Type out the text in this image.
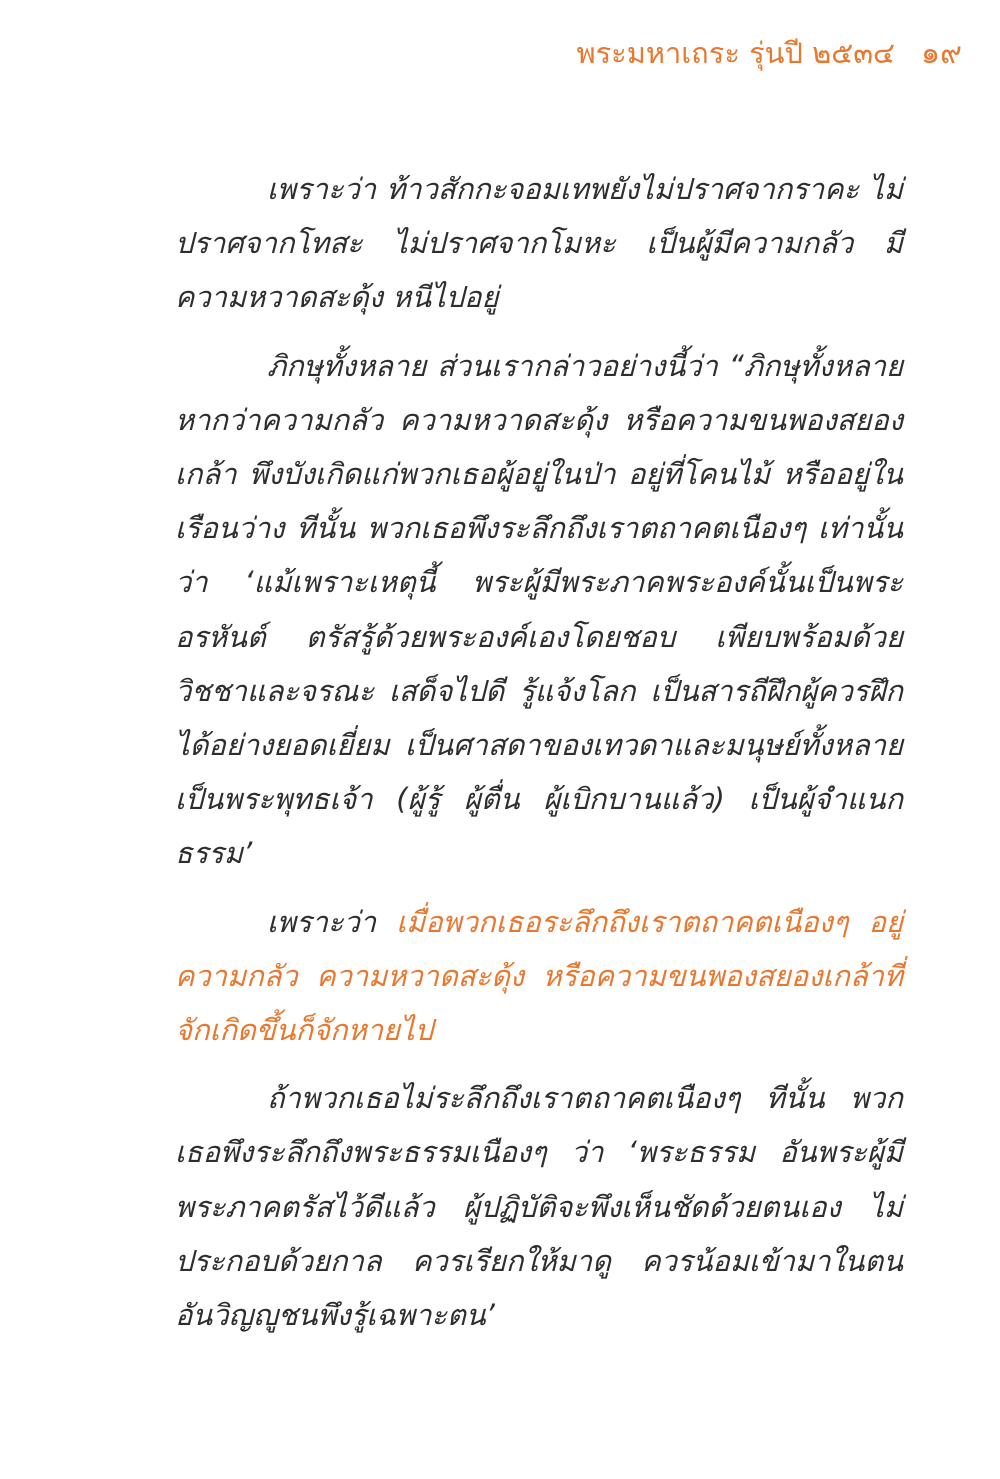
พระมหาเถระ รุ่นปี ๒๕๓๔ ๑๙

เพราะว่า ท้าวสักกะจอมเทพยังไม่ปราศจากราคะ ไม่ปราศจากโทสะ ไม่ปราศจากโมหะ เป็นผู้มีความกลัว มีความหวาดสะดุ้ง หนีไปอยู่

ภิกษุทั้งหลาย ส่วนเรากล่าวอย่างนี้ว่า “ภิกษุทั้งหลาย หากว่าความกลัว ความหวาดสะดุ้ง หรือความขนพองสยองเกล้า พึงบังเกิดแก่พวกเธอผู้อยู่ในป่า อยู่ที่โคนไม้ หรืออยู่ในเรือนว่าง ทีนั้น พวกเธอพึงระลึกถึงเราตถาคตเนืองๆ เท่านั้นว่า ‘แม้เพราะเหตุนี้ พระผู้มีพระภาคพระองค์นั้นเป็นพระอรหันต์ ตรัสรู้ด้วยพระองค์เองโดยชอบ เพียบพร้อมด้วยวิชชาและจรณะ เสด็จไปดี รู้แจ้งโลก เป็นสารถีฝึกผู้ควรฝึกได้อย่างยอดเยี่ยม เป็นศาสดาของเทวดาและมนุษย์ทั้งหลาย เป็นพระพุทธเจ้า (ผู้รู้ ผู้ตื่น ผู้เบิกบานแล้ว) เป็นผู้จำแนกธรรม’

เพราะว่า เมื่อพวกเธอระลึกถึงเราตถาคตเนืองๆ อยู่ ความกลัว ความหวาดสะดุ้ง หรือความขนพองสยองเกล้าที่จักเกิดขึ้นก็จักหายไป

ถ้าพวกเธอไม่ระลึกถึงเราตถาคตเนืองๆ ทีนั้น พวกเธอพึงระลึกถึงพระธรรมเนืองๆ ว่า ‘พระธรรม อันพระผู้มีพระภาคตรัสไว้ดีแล้ว ผู้ปฏิบัติจะพึงเห็นชัดด้วยตนเอง ไม่ประกอบด้วยกาล ควรเรียกให้มาดู ควรน้อมเข้ามาในตน อันวิญญูชนพึงรู้เฉพาะตน’
